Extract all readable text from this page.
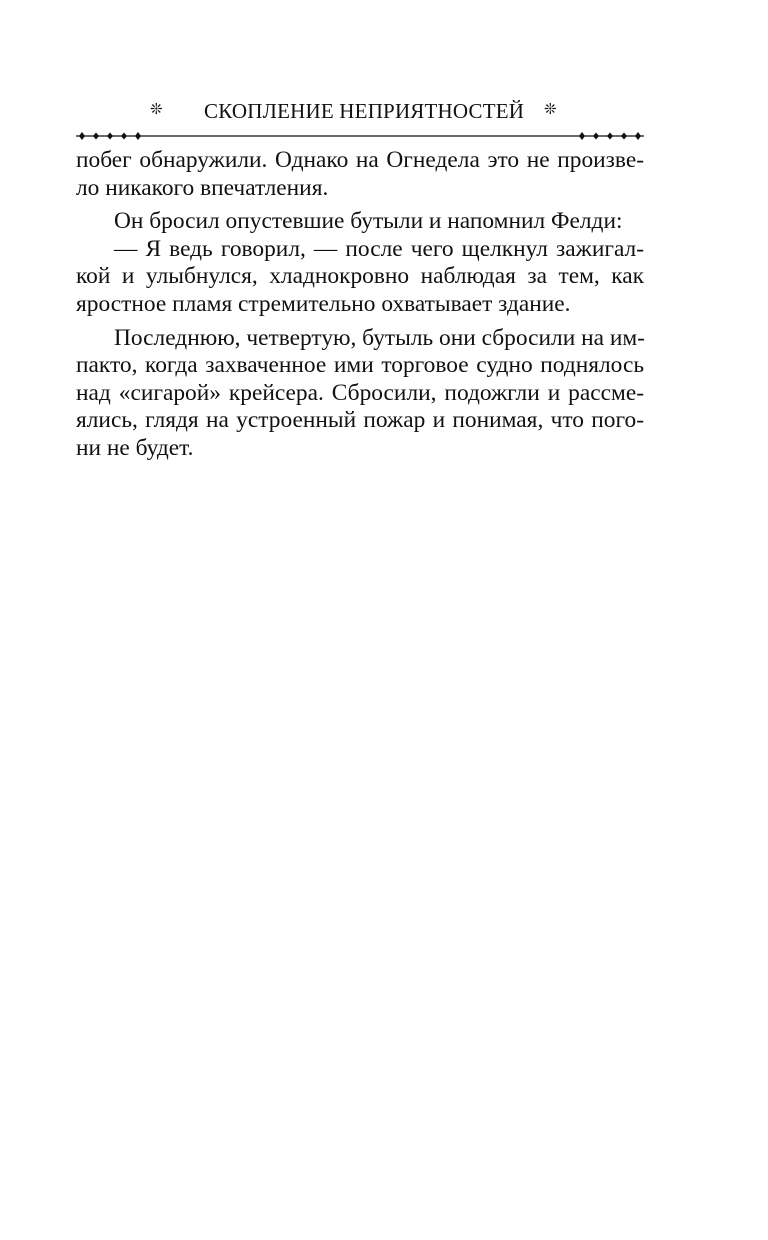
❊ СКОПЛЕНИЕ НЕПРИЯТНОСТЕЙ ❊

побег обнаружили. Однако на Огнедела это не произве-
ло никакого впечатления.

Он бросил опустевшие бутыли и напомнил Фелди:

— Я ведь говорил, — после чего щелкнул зажигал-
кой и улыбнулся, хладнокровно наблюдая за тем, как
яростное пламя стремительно охватывает здание.

Последнюю, четвертую, бутыль они сбросили на им-
пакто, когда захваченное ими торговое судно поднялось
над «сигарой» крейсера. Сбросили, подожгли и рассме-
ялись, глядя на устроенный пожар и понимая, что пого-
ни не будет.
